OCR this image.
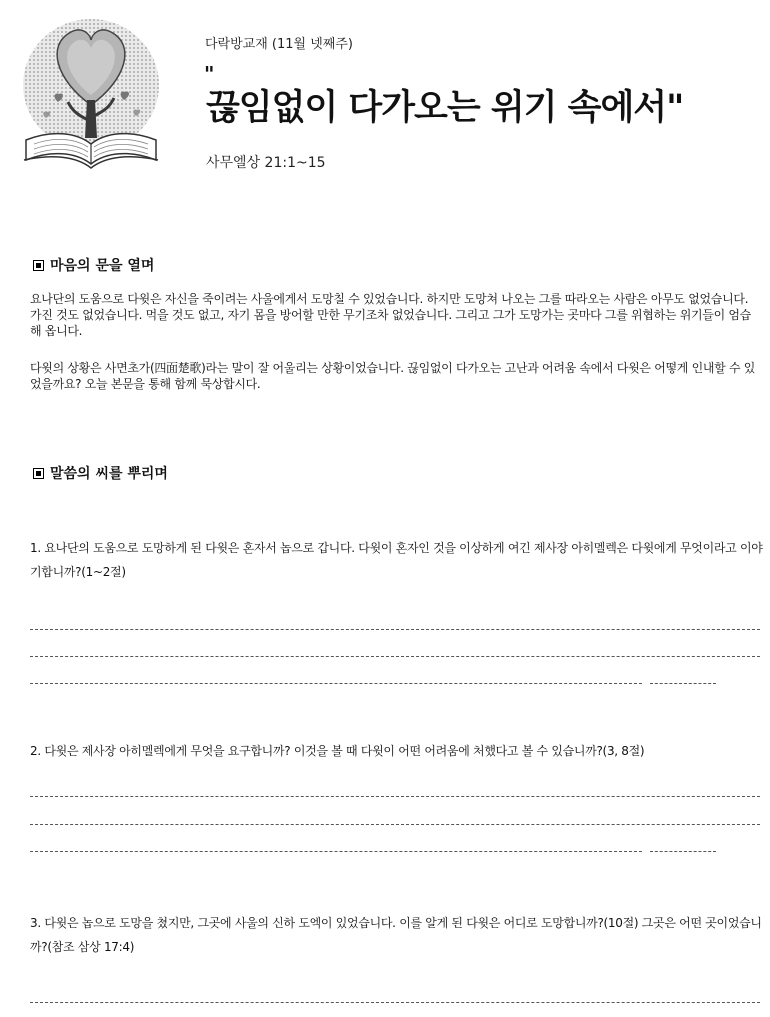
다락방교재 (11월 넷째주)
"
끊임없이 다가오는 위기 속에서"
사무엘상 21:1~15
마음의 문을 열며
요나단의 도움으로 다윗은 자신을 죽이려는 사울에게서 도망칠 수 있었습니다. 하지만 도망쳐 나오는 그를 따라오는 사람은 아무도 없었습니다. 가진 것도 없었습니다. 먹을 것도 없고, 자기 몸을 방어할 만한 무기조차 없었습니다. 그리고 그가 도망가는 곳마다 그를 위협하는 위기들이 엄습해 옵니다.
다윗의 상황은 사면초가(四面楚歌)라는 말이 잘 어울리는 상황이었습니다. 끊임없이 다가오는 고난과 어려움 속에서 다윗은 어떻게 인내할 수 있었을까요? 오늘 본문을 통해 함께 묵상합시다.
말씀의 씨를 뿌리며
1. 요나단의 도움으로 도망하게 된 다윗은 혼자서 놉으로 갑니다. 다윗이 혼자인 것을 이상하게 여긴 제사장 아히멜렉은 다윗에게 무엇이라고 이야기합니까?(1~2절)
2. 다윗은 제사장 아히멜렉에게 무엇을 요구합니까? 이것을 볼 때 다윗이 어떤 어려움에 처했다고 볼 수 있습니까?(3, 8절)
3. 다윗은 놉으로 도망을 쳤지만, 그곳에 사울의 신하 도엑이 있었습니다. 이를 알게 된 다윗은 어디로 도망합니까?(10절) 그곳은 어떤 곳이었습니까?(참조 삼상 17:4)
